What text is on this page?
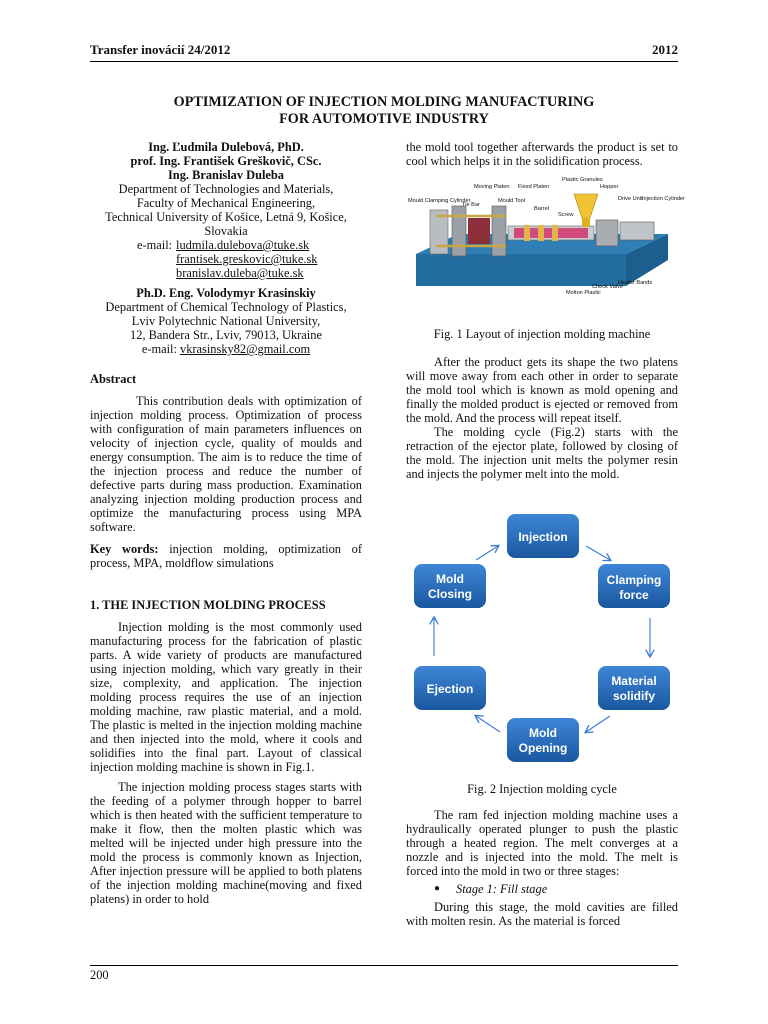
Transfer inovácií 24/2012	2012
OPTIMIZATION OF INJECTION MOLDING MANUFACTURING
FOR AUTOMOTIVE INDUSTRY
Ing. Ľudmila Dulebová, PhD.
prof. Ing. František Greškovič, CSc.
Ing. Branislav Duleba
Department of Technologies and Materials,
Faculty of Mechanical Engineering,
Technical University of Košice, Letná 9, Košice,
Slovakia
e-mail: ludmila.dulebova@tuke.sk
frantisek.greskovic@tuke.sk
branislav.duleba@tuke.sk
Ph.D. Eng. Volodymyr Krasinskiy
Department of Chemical Technology of Plastics,
Lviv Polytechnic National University,
12, Bandera Str., Lviv, 79013, Ukraine
e-mail: vkrasinsky82@gmail.com
Abstract

This contribution deals with optimization of injection molding process. Optimization of process with configuration of main parameters influences on velocity of injection cycle, quality of moulds and energy consumption. The aim is to reduce the time of the injection process and reduce the number of defective parts during mass production. Examination analyzing injection molding production process and optimize the manufacturing process using MPA software.

Key words: injection molding, optimization of process, MPA, moldflow simulations

1. THE INJECTION MOLDING PROCESS

Injection molding is the most commonly used manufacturing process for the fabrication of plastic parts. A wide variety of products are manufactured using injection molding, which vary greatly in their size, complexity, and application. The injection molding process requires the use of an injection molding machine, raw plastic material, and a mold. The plastic is melted in the injection molding machine and then injected into the mold, where it cools and solidifies into the final part. Layout of classical injection molding machine is shown in Fig.1.

The injection molding process stages starts with the feeding of a polymer through hopper to barrel which is then heated with the sufficient temperature to make it flow, then the molten plastic which was melted will be injected under high pressure into the mold the process is commonly known as Injection, After injection pressure will be applied to both platens of the injection molding machine(moving and fixed platens) in order to hold

the mold tool together afterwards the product is set to cool which helps it in the solidification process.

Moving Platen Fixed Platen
Plastic Granules
Hopper
Mould Clamping Cylinder
Tie Bar
Mould Tool
Barrel
Screw
Drive Unit Injection Cylinder
Molton Plastic
Check Valve
Heater Bands
Fig. 1 Layout of injection molding machine

After the product gets its shape the two platens will move away from each other in order to separate the mold tool which is known as mold opening and finally the molded product is ejected or removed from the mold. And the process will repeat itself.

The molding cycle (Fig.2) starts with the retraction of the ejector plate, followed by closing of the mold. The injection unit melts the polymer resin and injects the polymer melt into the mold.

Injection
Clamping force
Material solidify
Mold Opening
Ejection
Mold Closing
Fig. 2 Injection molding cycle

The ram fed injection molding machine uses a hydraulically operated plunger to push the plastic through a heated region. The melt converges at a nozzle and is injected into the mold. The melt is forced into the mold in two or three stages:

●	Stage 1: Fill stage

During this stage, the mold cavities are filled with molten resin. As the material is forced

200
